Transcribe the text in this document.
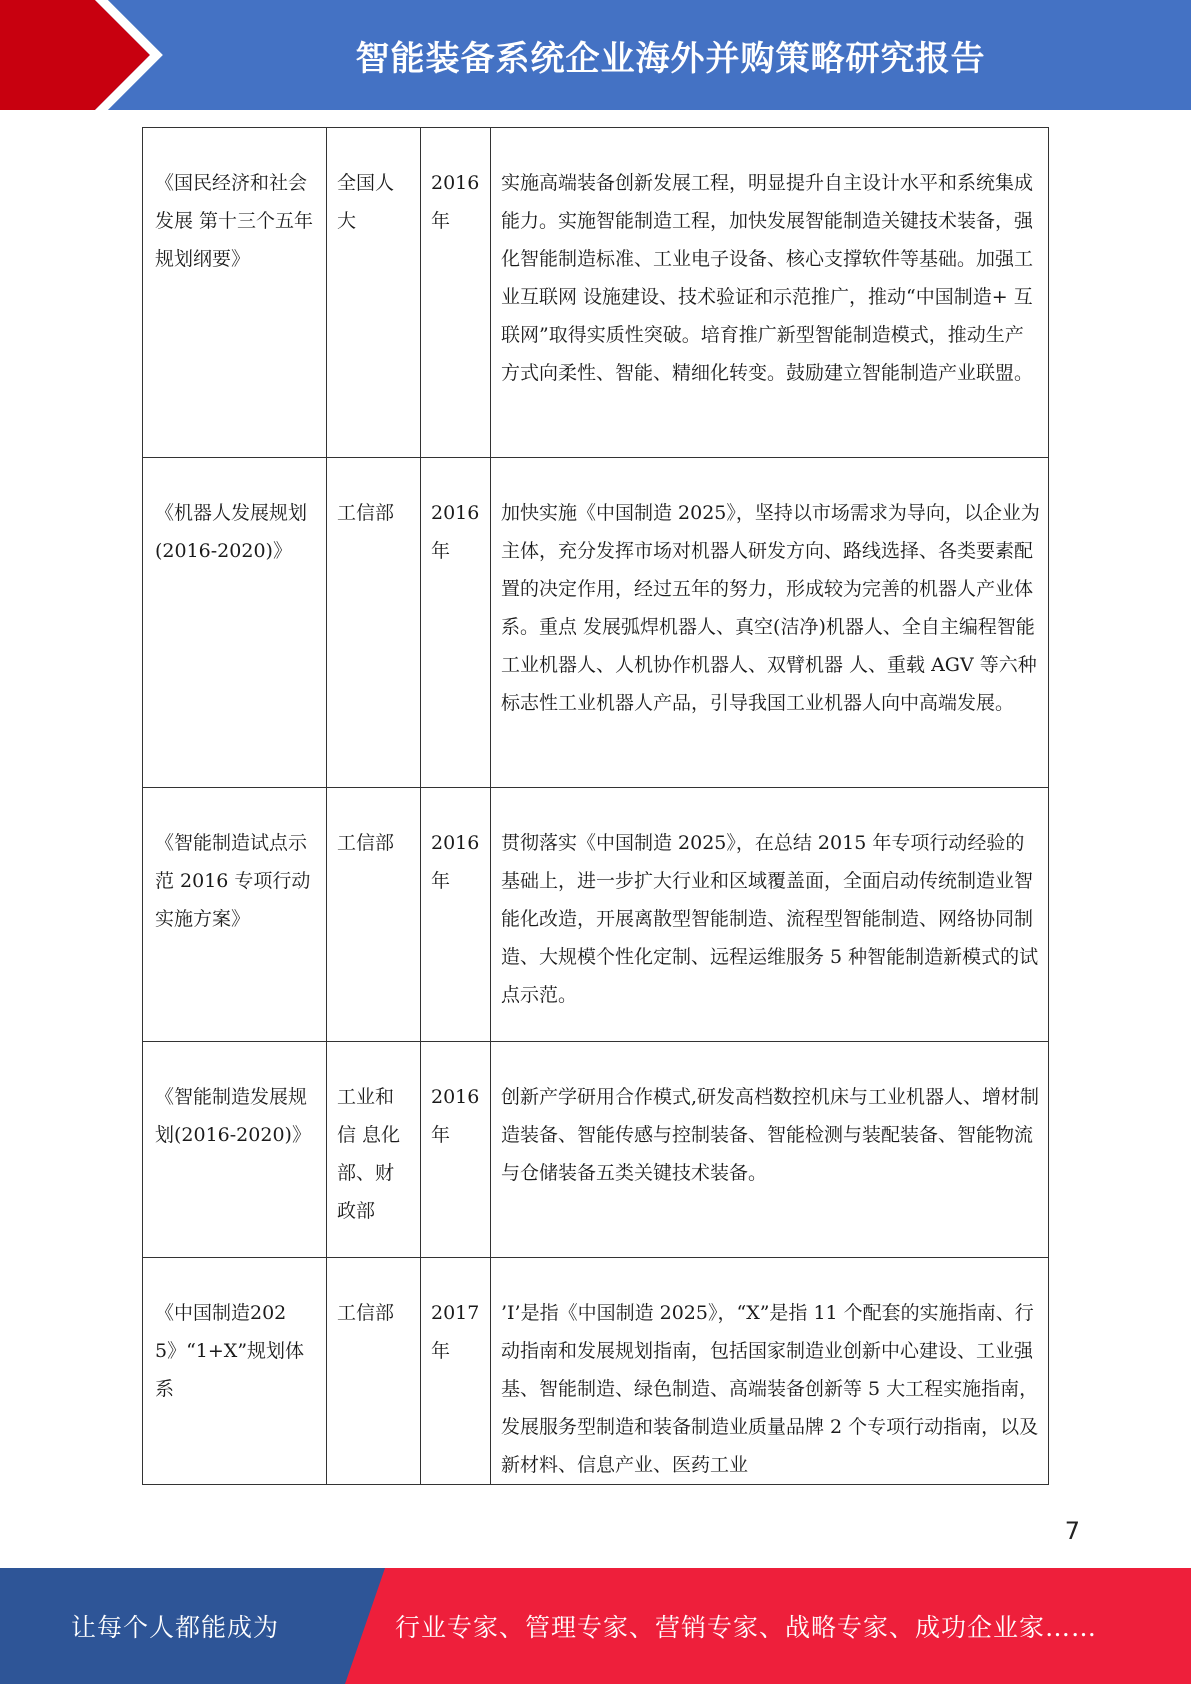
智能装备系统企业海外并购策略研究报告
《国民经济和社会发展 第十三个五年规划纲要》	全国人大	2016年	实施高端装备创新发展工程，明显提升自主设计水平和系统集成能力。实施智能制造工程，加快发展智能制造关键技术装备，强化智能制造标准、工业电子设备、核心支撑软件等基础。加强工业互联网 设施建设、技术验证和示范推广，推动“中国制造+ 互联网”取得实质性突破。培育推广新型智能制造模式，推动生产方式向柔性、智能、精细化转变。鼓励建立智能制造产业联盟。
《机器人发展规划(2016-2020)》	工信部	2016年	加快实施《中国制造 2025》，坚持以市场需求为导向，以企业为主体，充分发挥市场对机器人研发方向、路线选择、各类要素配置的决定作用，经过五年的努力，形成较为完善的机器人产业体系。重点 发展弧焊机器人、真空(洁净)机器人、全自主编程智能工业机器人、人机协作机器人、双臂机器 人、重载 AGV 等六种标志性工业机器人产品，引导我国工业机器人向中高端发展。
《智能制造试点示范 2016 专项行动实施方案》	工信部	2016年	贯彻落实《中国制造 2025》，在总结 2015 年专项行动经验的基础上，进一步扩大行业和区域覆盖面，全面启动传统制造业智能化改造，开展离散型智能制造、流程型智能制造、网络协同制造、大规模个性化定制、远程运维服务 5 种智能制造新模式的试点示范。
《智能制造发展规划(2016-2020)》	工业和信 息化部、财政部	2016年	创新产学研用合作模式,研发高档数控机床与工业机器人、增材制造装备、智能传感与控制装备、智能检测与装配装备、智能物流与仓储装备五类关键技术装备。
《中国制造2025》“1+X”规划体系	工信部	2017年	’I’是指《中国制造 2025》，“X”是指 11 个配套的实施指南、行动指南和发展规划指南，包括国家制造业创新中心建设、工业强基、智能制造、绿色制造、高端装备创新等 5 大工程实施指南，发展服务型制造和装备制造业质量品牌 2 个专项行动指南，以及新材料、信息产业、医药工业
7
让每个人都能成为	行业专家、管理专家、营销专家、战略专家、成功企业家……
